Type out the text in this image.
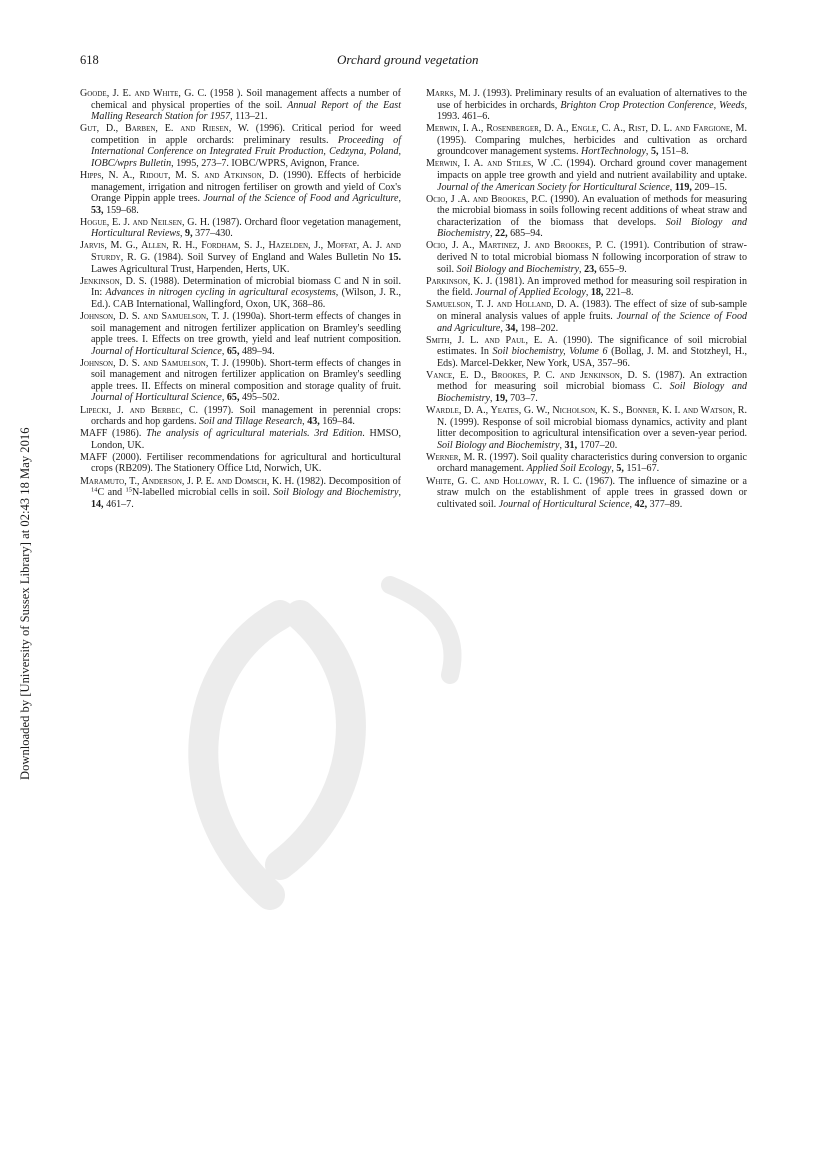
Downloaded by [University of Sussex Library] at 02:43 18 May 2016
618	Orchard ground vegetation

Goode, J. E. and White, G. C. (1958 ). Soil management affects a number of chemical and physical properties of the soil. Annual Report of the East Malling Research Station for 1957, 113–21.

Gut, D., Barben, E. and Riesen, W. (1996). Critical period for weed competition in apple orchards: preliminary results. Proceeding of International Conference on Integrated Fruit Production, Cedzyna, Poland, IOBC/wprs Bulletin, 1995, 273–7. IOBC/WPRS, Avignon, France.

Hipps, N. A., Ridout, M. S. and Atkinson, D. (1990). Effects of herbicide management, irrigation and nitrogen fertiliser on growth and yield of Cox's Orange Pippin apple trees. Journal of the Science of Food and Agriculture, 53, 159–68.

Hogue, E. J. and Neilsen, G. H. (1987). Orchard floor vegetation management, Horticultural Reviews, 9, 377–430.

Jarvis, M. G., Allen, R. H., Fordham, S. J., Hazelden, J., Moffat, A. J. and Sturdy, R. G. (1984). Soil Survey of England and Wales Bulletin No 15. Lawes Agricultural Trust, Harpenden, Herts, UK.

Jenkinson, D. S. (1988). Determination of microbial biomass C and N in soil. In: Advances in nitrogen cycling in agricultural ecosystems, (Wilson, J. R., Ed.). CAB International, Wallingford, Oxon, UK, 368–86.

Johnson, D. S. and Samuelson, T. J. (1990a). Short-term effects of changes in soil management and nitrogen fertilizer application on Bramley's seedling apple trees. I. Effects on tree growth, yield and leaf nutrient composition. Journal of Horticultural Science, 65, 489–94.

Johnson, D. S. and Samuelson, T. J. (1990b). Short-term effects of changes in soil management and nitrogen fertilizer application on Bramley's seedling apple trees. II. Effects on mineral composition and storage quality of fruit. Journal of Horticultural Science, 65, 495–502.

Lipecki, J. and Berbec, C. (1997). Soil management in perennial crops: orchards and hop gardens. Soil and Tillage Research, 43, 169–84.

MAFF (1986). The analysis of agricultural materials. 3rd Edition. HMSO, London, UK.

MAFF (2000). Fertiliser recommendations for agricultural and horticultural crops (RB209). The Stationery Office Ltd, Norwich, UK.

Maramuto, T., Anderson, J. P. E. and Domsch, K. H. (1982). Decomposition of $^{14}$C and $^{15}$N-labelled microbial cells in soil. Soil Biology and Biochemistry, 14, 461–7.

Marks, M. J. (1993). Preliminary results of an evaluation of alternatives to the use of herbicides in orchards, Brighton Crop Protection Conference, Weeds, 1993. 461–6.

Merwin, I. A., Rosenberger, D. A., Engle, C. A., Rist, D. L. and Fargione, M. (1995). Comparing mulches, herbicides and cultivation as orchard groundcover management systems. HortTechnology, 5, 151–8.

Merwin, I. A. and Stiles, W .C. (1994). Orchard ground cover management impacts on apple tree growth and yield and nutrient availability and uptake. Journal of the American Society for Horticultural Science, 119, 209–15.

Ocio, J .A. and Brookes, P.C. (1990). An evaluation of methods for measuring the microbial biomass in soils following recent additions of wheat straw and characterization of the biomass that develops. Soil Biology and Biochemistry, 22, 685–94.

Ocio, J. A., Martinez, J. and Brookes, P. C. (1991). Contribution of straw-derived N to total microbial biomass N following incorporation of straw to soil. Soil Biology and Biochemistry, 23, 655–9.

Parkinson, K. J. (1981). An improved method for measuring soil respiration in the field. Journal of Applied Ecology, 18, 221–8.

Samuelson, T. J. and Holland, D. A. (1983). The effect of size of sub-sample on mineral analysis values of apple fruits. Journal of the Science of Food and Agriculture, 34, 198–202.

Smith, J. L. and Paul, E. A. (1990). The significance of soil microbial estimates. In Soil biochemistry, Volume 6 (Bollag, J. M. and Stotzheyl, H., Eds). Marcel-Dekker, New York, USA, 357–96.

Vance, E. D., Brookes, P. C. and Jenkinson, D. S. (1987). An extraction method for measuring soil microbial biomass C. Soil Biology and Biochemistry, 19, 703–7.

Wardle, D. A., Yeates, G. W., Nicholson, K. S., Bonner, K. I. and Watson, R. N. (1999). Response of soil microbial biomass dynamics, activity and plant litter decomposition to agricultural intensification over a seven-year period. Soil Biology and Biochemistry, 31, 1707–20.

Werner, M. R. (1997). Soil quality characteristics during conversion to organic orchard management. Applied Soil Ecology, 5, 151–67.

White, G. C. and Holloway, R. I. C. (1967). The influence of simazine or a straw mulch on the establishment of apple trees in grassed down or cultivated soil. Journal of Horticultural Science, 42, 377–89.
